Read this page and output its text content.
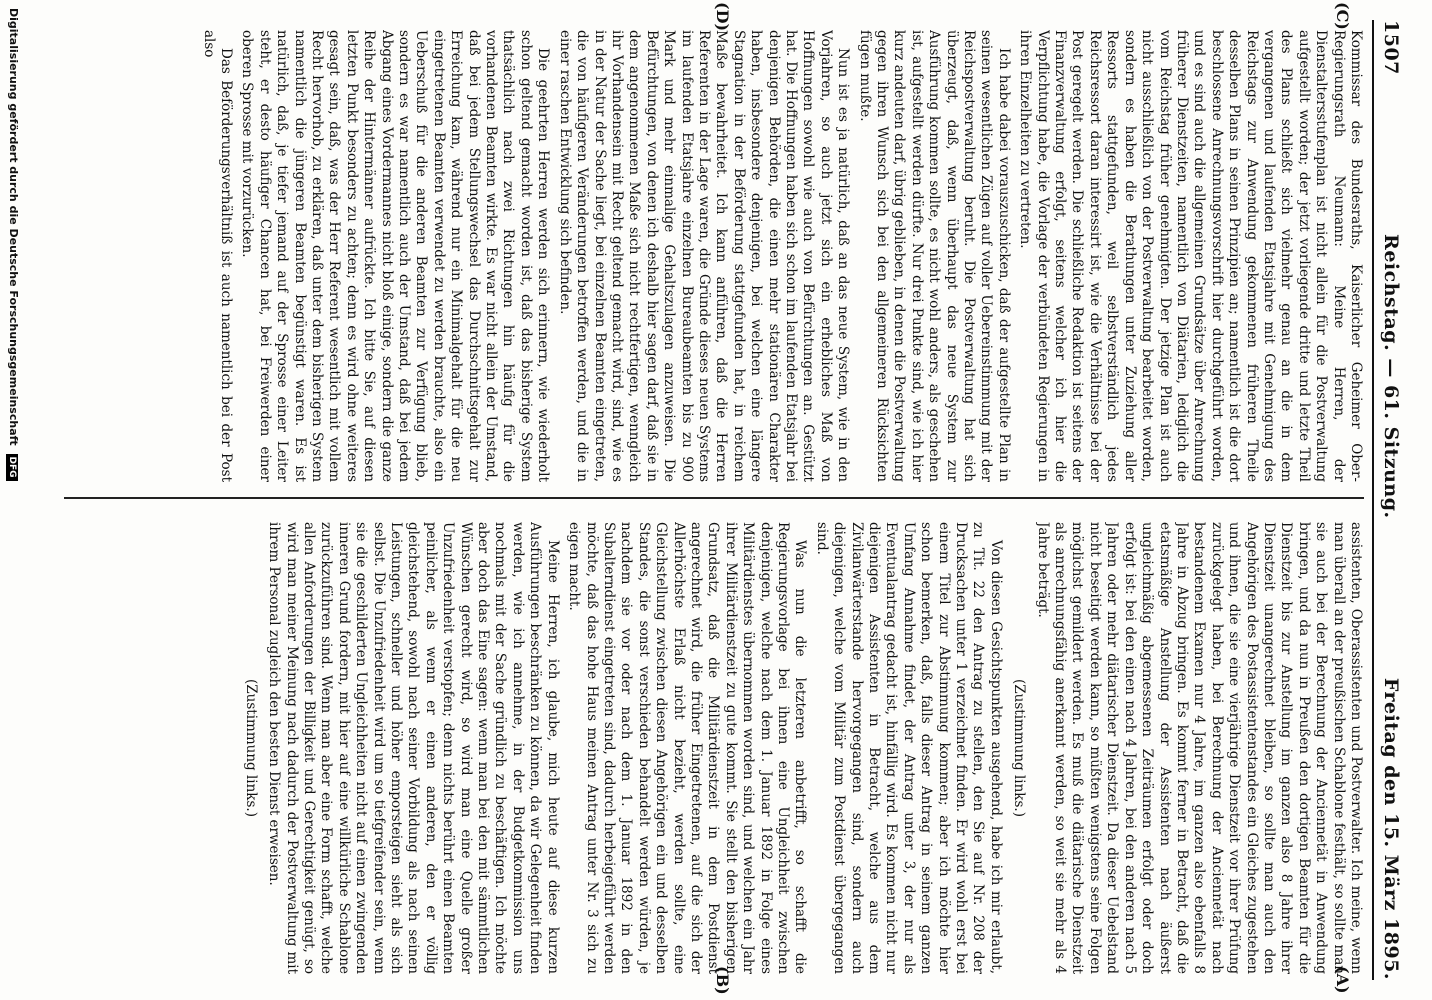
1507
Reichstag. — 61. Sitzung.
Freitag den 15. März 1895.
(C)
(D)
(A)
(B)

Kommissar des Bundesraths, Kaiserlicher Geheimer Ober-Regierungsrath Neumann: Meine Herren, der Dienstaltersstufenplan ist nicht allein für die Postverwaltung aufgestellt worden; der jetzt vorliegende dritte und letzte Theil des Plans schließt sich vielmehr genau an die in dem vergangenen und laufenden Etatsjahre mit Genehmigung des Reichstags zur Anwendung gekommenen früheren Theile desselben Plans in seinen Prinzipien an; namentlich ist die dort beschlossene Anrechnungsvorschrift hier durchgeführt worden, und es sind auch die allgemeinen Grundsätze über Anrechnung früherer Dienstzeiten, namentlich von Diätarien, lediglich die vom Reichstag früher genehmigten. Der jetzige Plan ist auch nicht ausschließlich von der Postverwaltung bearbeitet worden, sondern es haben die Berathungen unter Zuziehung aller Ressorts stattgefunden, weil selbstverständlich jedes Reichsressort daran interessirt ist, wie die Verhältnisse bei der Post geregelt werden. Die schließliche Redaktion ist seitens der Finanzverwaltung erfolgt, seitens welcher ich hier die Verpflichtung habe, die Vorlage der verbündeten Regierungen in ihren Einzelheiten zu vertreten.

Ich habe dabei vorauszuschicken, daß der aufgestellte Plan in seinen wesentlichen Zügen auf voller Uebereinstimmung mit der Reichspostverwaltung beruht. Die Postverwaltung hat sich überzeugt, daß, wenn überhaupt das neue System zur Ausführung kommen sollte, es nicht wohl anders, als geschehen ist, aufgestellt werden dürfte. Nur drei Punkte sind, wie ich hier kurz andeuten darf, übrig geblieben, in denen die Postverwaltung gegen ihren Wunsch sich bei den allgemeineren Rücksichten fügen mußte.

Nun ist es ja natürlich, daß an das neue System, wie in den Vorjahren, so auch jetzt sich ein erhebliches Maß von Hoffnungen sowohl wie auch von Befürchtungen an. Gestützt hat. Die Hoffnungen haben sich schon im laufenden Etatsjahr bei denjenigen Behörden, die einen mehr stationären Charakter haben, insbesondere denjenigen, bei welchen eine längere Stagnation in der Beförderung stattgefunden hat, in reichem Maße bewahrheitet. Ich kann anführen, daß die Herren Referenten in der Lage waren, die Gründe dieses neuen Systems im laufenden Etatsjahre einzelnen Bureaubeamten bis zu 900 Mark und mehr einmalige Gehaltszulagen anzuweisen. Die Befürchtungen, von denen ich deshalb hier sagen darf, daß sie in dem angenommenen Maße sich nicht rechtfertigen, wenngleich ihr Vorhandensein mit Recht geltend gemacht wird, sind, wie es in der Natur der Sache liegt, bei einzelnen Beamten eingetreten, die von häufigeren Veränderungen betroffen werden, und die in einer raschen Entwicklung sich befinden.

Die geehrten Herren werden sich erinnern, wie wiederholt schon geltend gemacht worden ist, daß das bisherige System thatsächlich nach zwei Richtungen hin häufig für die vorhandenen Beamten wirkte. Es war nicht allein der Umstand, daß bei jedem Stellungswechsel das Durchschnittsgehalt zur Erreichung kam, während nur ein Minimalgehalt für die neu eingetretenen Beamten verwendet zu werden brauchte, also ein Ueberschuß für die anderen Beamten zur Verfügung blieb, sondern es war namentlich auch der Umstand, daß bei jedem Abgang eines Vordermannes nicht bloß einige, sondern die ganze Reihe der Hintermänner aufrückte. Ich bitte Sie, auf diesen letzten Punkt besonders zu achten; denn es wird ohne weiteres gesagt sein, daß, was der Herr Referent wesentlich mit vollem Recht hervorhob, zu erklären, daß unter dem bisherigen System namentlich die jüngeren Beamten begünstigt waren. Es ist natürlich, daß, je tiefer jemand auf der Sprosse einer Leiter steht, er desto häufiger Chancen hat, bei Freiwerden einer oberen Sprosse mit vorzurücken.

Das Beförderungsverhältniß ist auch namentlich bei der Post also

assistenten, Oberassistenten und Postverwalter. Ich meine, wenn man überall an der preußischen Schablone festhält, so sollte man sie auch bei der Berechnung der Anciennetät in Anwendung bringen, und da nun in Preußen den dortigen Beamten für die Dienstzeit bis zur Anstellung im ganzen also 8 Jahre ihrer Dienstzeit unangerechnet bleiben, so sollte man auch den Angehörigen des Postassistentenstandes ein Gleiches zugestehen und ihnen, die sie eine vierjährige Dienstzeit vor ihrer Prüfung zurückgelegt haben, bei Berechnung der Anciennetät nach bestandenem Examen nur 4 Jahre, im ganzen also ebenfalls 8 Jahre in Abzug bringen. Es kommt ferner in Betracht, daß die etatsmäßige Anstellung der Assistenten nach äußerst ungleichmäßig abgemessenen Zeiträumen erfolgt oder doch erfolgt ist: bei den einen nach 4 Jahren, bei den anderen nach 5 Jahren oder mehr diätarischer Dienstzeit. Da dieser Uebelstand nicht beseitigt werden kann, so müßten wenigstens seine Folgen möglichst gemildert werden. Es muß die diätarische Dienstzeit als anrechnungsfähig anerkannt werden, so weit sie mehr als 4 Jahre beträgt.

(Zustimmung links.)

Von diesen Gesichtspunkten ausgehend, habe ich mir erlaubt, zu Tit. 22 den Antrag zu stellen, den Sie auf Nr. 208 der Drucksachen unter 1 verzeichnet finden. Er wird wohl erst bei einem Titel zur Abstimmung kommen; aber ich möchte hier schon bemerken, daß, falls dieser Antrag in seinem ganzen Umfang Annahme findet, der Antrag unter 3, der nur als Eventualantrag gedacht ist, hinfällig wird. Es kommen nicht nur diejenigen Assistenten in Betracht, welche aus dem Zivilanwärterstande hervorgegangen sind, sondern auch diejenigen, welche vom Militär zum Postdienst übergegangen sind.

Was nun die letzteren anbetrifft, so schafft die Regierungsvorlage bei ihnen eine Ungleichheit zwischen denjenigen, welche nach dem 1. Januar 1892 in Folge eines Militärdienstes übernommen worden sind, und welchen ein Jahr ihrer Militärdienstzeit zu gute kommt. Sie stellt den bisherigen Grundsatz, daß die Militärdienstzeit in dem Postdienst angerechnet wird, die früher Eingetretenen, auf die sich der Allerhöchste Erlaß nicht bezieht, werden sollte, eine Gleichstellung zwischen diesen Angehörigen ein und desselben Standes, die sonst verschieden behandelt werden würden, je nachdem sie vor oder nach dem 1. Januar 1892 in den Subalterndienst eingetreten sind, dadurch herbeigeführt werden möchte, daß das hohe Haus meinen Antrag unter Nr. 3 sich zu eigen macht.

Meine Herren, ich glaube, mich heute auf diese kurzen Ausführungen beschränken zu können, da wir Gelegenheit finden werden, wie ich annehme, in der Budgetkommission uns nochmals mit der Sache gründlich zu beschäftigen. Ich möchte aber doch das Eine sagen: wenn man bei den mit sämmtlichen Wünschen gerecht wird, so wird man eine Quelle großer Unzufriedenheit verstopfen; denn nichts berührt einen Beamten peinlicher, als wenn er einen anderen, den er völlig gleichstehend, sowohl nach seiner Vorbildung als nach seinen Leistungen, schneller und höher emporsteigen sieht als sich selbst. Die Unzufriedenheit wird um so tiefgreifender sein, wenn sie die geschilderten Ungleichheiten nicht auf einen zwingenden inneren Grund fordern, mit hier auf eine willkürliche Schablone zurückzuführen sind. Wenn man aber eine Form schafft, welche allen Anforderungen der Billigkeit und Gerechtigkeit genügt, so wird man meiner Meinung nach dadurch der Postverwaltung mit ihrem Personal zugleich den besten Dienst erweisen.

(Zustimmung links.)

Digitalisierung gefördert durch die Deutsche Forschungsgemeinschaft DFG
